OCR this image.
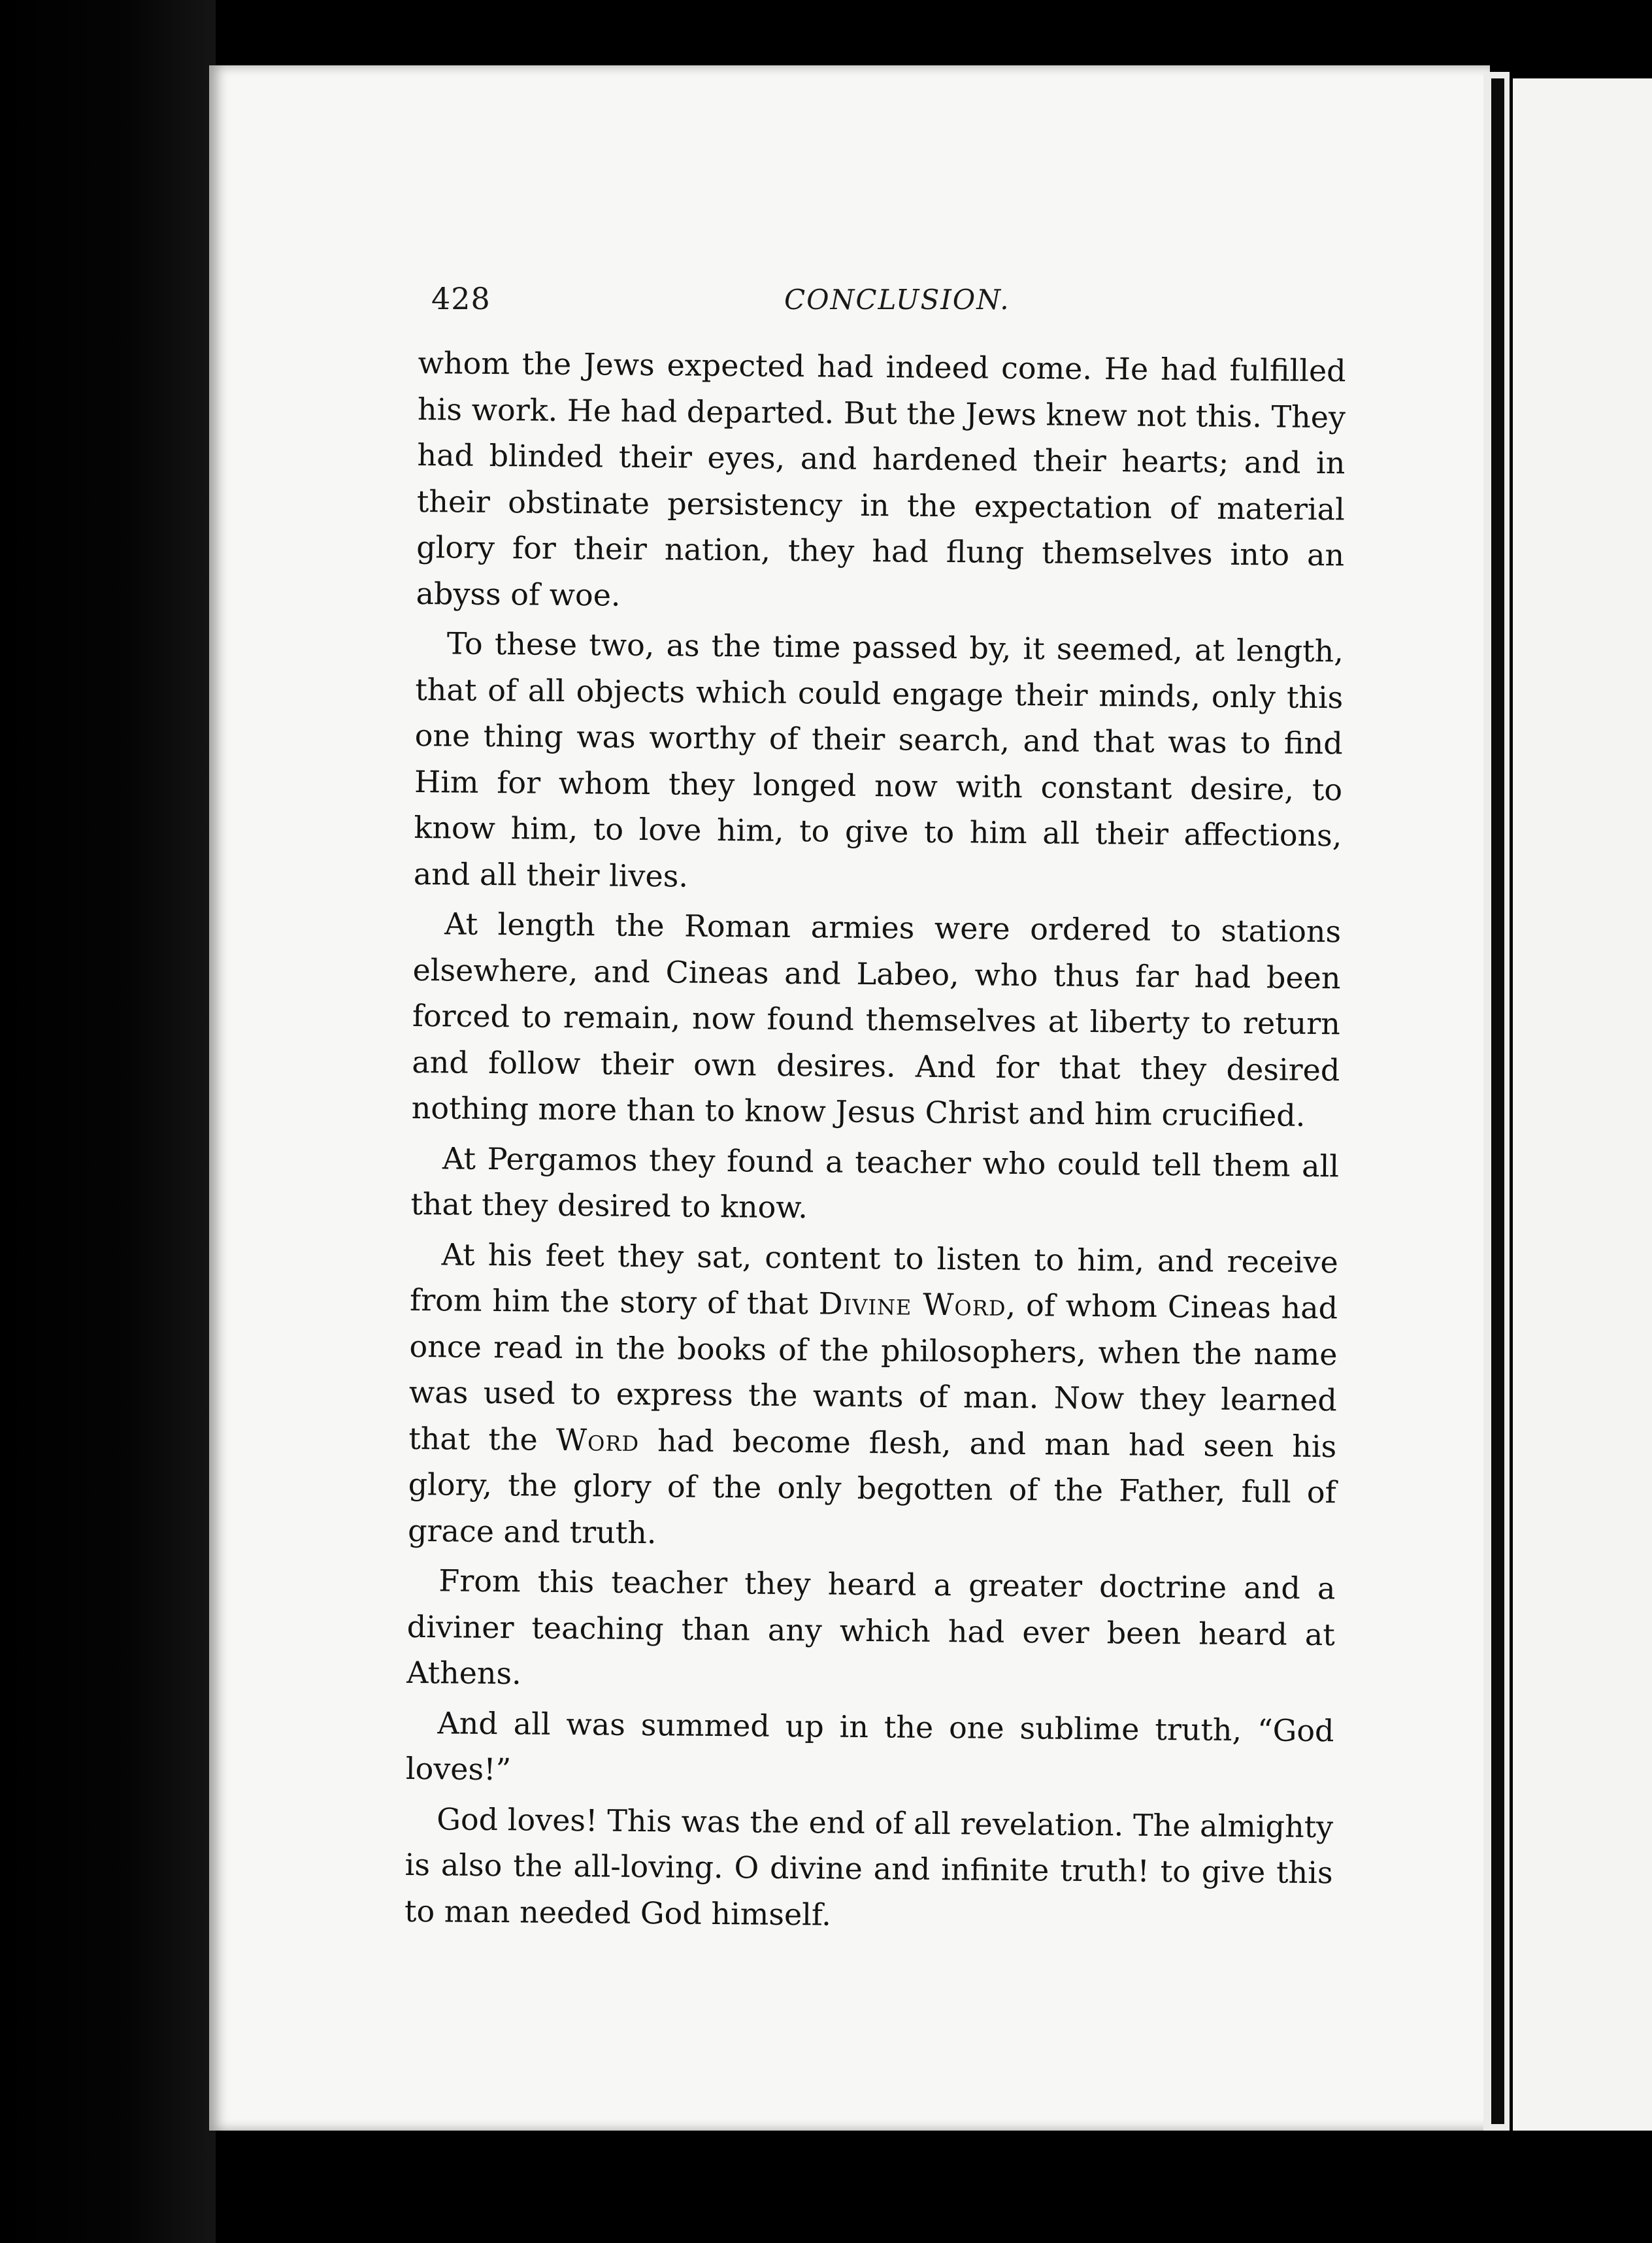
428	CONCLUSION.

whom the Jews expected had indeed come. He had fulfilled his work. He had departed. But the Jews knew not this. They had blinded their eyes, and hardened their hearts; and in their obstinate persistency in the expectation of material glory for their nation, they had flung themselves into an abyss of woe.

To these two, as the time passed by, it seemed, at length, that of all objects which could engage their minds, only this one thing was worthy of their search, and that was to find Him for whom they longed now with constant desire, to know him, to love him, to give to him all their affections, and all their lives.

At length the Roman armies were ordered to stations elsewhere, and Cineas and Labeo, who thus far had been forced to remain, now found themselves at liberty to return and follow their own desires. And for that they desired nothing more than to know Jesus Christ and him crucified.

At Pergamos they found a teacher who could tell them all that they desired to know.

At his feet they sat, content to listen to him, and receive from him the story of that Divine Word, of whom Cineas had once read in the books of the philosophers, when the name was used to express the wants of man. Now they learned that the Word had become flesh, and man had seen his glory, the glory of the only begotten of the Father, full of grace and truth.

From this teacher they heard a greater doctrine and a diviner teaching than any which had ever been heard at Athens.

And all was summed up in the one sublime truth, “God loves!”

God loves! This was the end of all revelation. The almighty is also the all-loving. O divine and infinite truth! to give this to man needed God himself.
